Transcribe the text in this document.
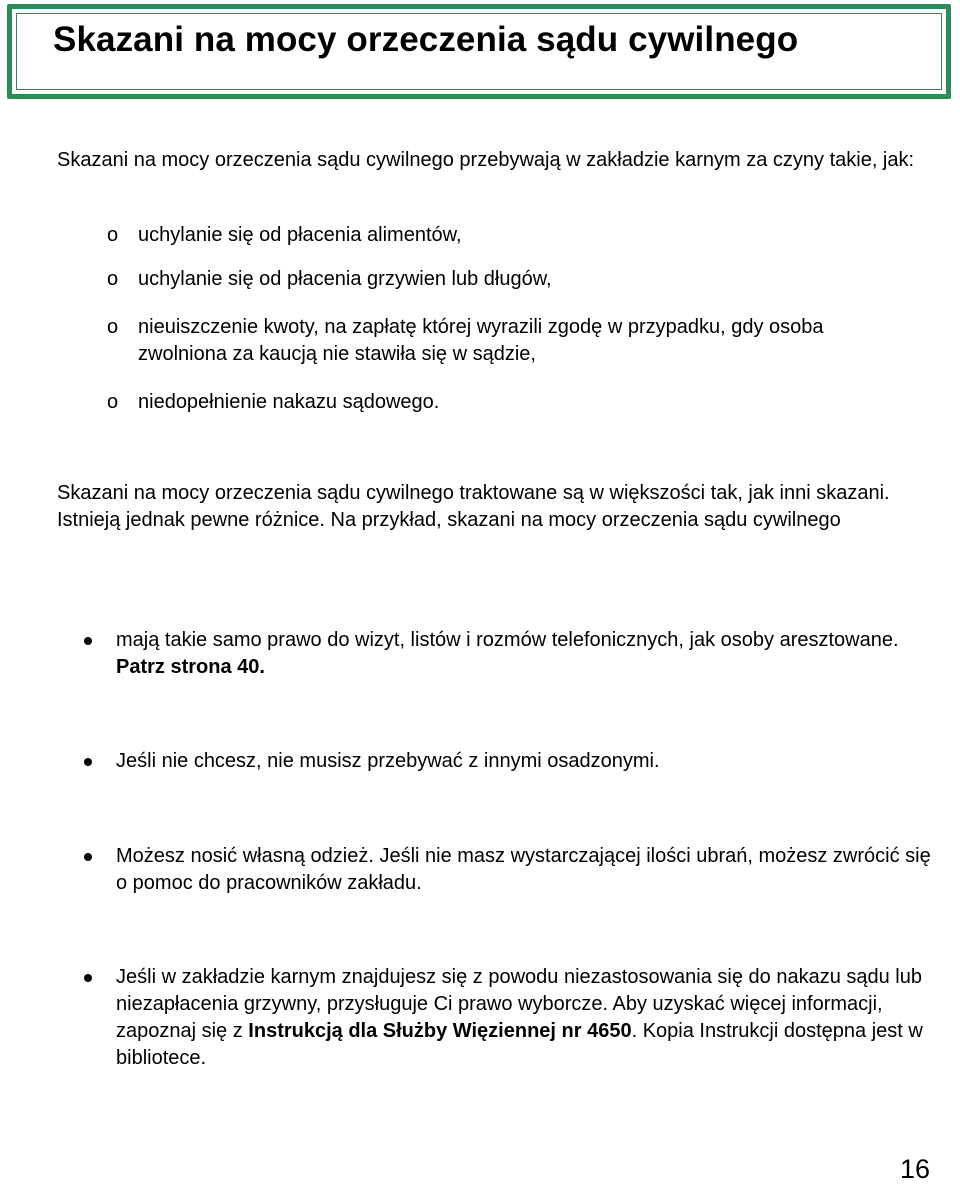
Skazani na mocy orzeczenia sądu cywilnego

Skazani na mocy orzeczenia sądu cywilnego przebywają w zakładzie karnym za czyny takie, jak:

o uchylanie się od płacenia alimentów,
o uchylanie się od płacenia grzywien lub długów,
o nieuiszczenie kwoty, na zapłatę której wyrazili zgodę w przypadku, gdy osoba zwolniona za kaucją nie stawiła się w sądzie,
o niedopełnienie nakazu sądowego.

Skazani na mocy orzeczenia sądu cywilnego traktowane są w większości tak, jak inni skazani. Istnieją jednak pewne różnice. Na przykład, skazani na mocy orzeczenia sądu cywilnego

mają takie samo prawo do wizyt, listów i rozmów telefonicznych, jak osoby aresztowane. Patrz strona 40.
Jeśli nie chcesz, nie musisz przebywać z innymi osadzonymi.
Możesz nosić własną odzież. Jeśli nie masz wystarczającej ilości ubrań, możesz zwrócić się o pomoc do pracowników zakładu.
Jeśli w zakładzie karnym znajdujesz się z powodu niezastosowania się do nakazu sądu lub niezapłacenia grzywny, przysługuje Ci prawo wyborcze. Aby uzyskać więcej informacji, zapoznaj się z Instrukcją dla Służby Więziennej nr 4650. Kopia Instrukcji dostępna jest w bibliotece.
16
